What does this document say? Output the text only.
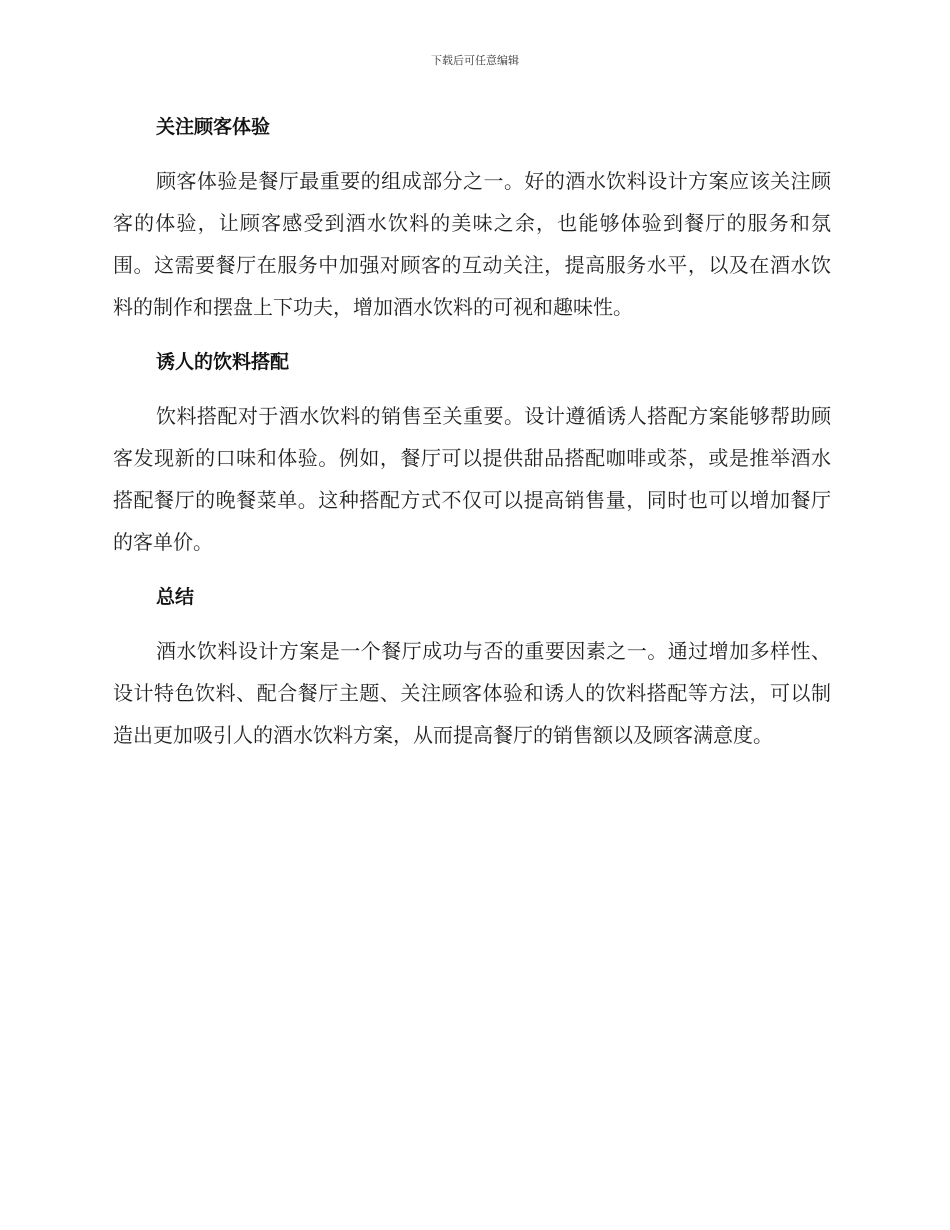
下载后可任意编辑
关注顾客体验

顾客体验是餐厅最重要的组成部分之一。好的酒水饮料设计方案应该关注顾客的体验，让顾客感受到酒水饮料的美味之余，也能够体验到餐厅的服务和氛围。这需要餐厅在服务中加强对顾客的互动关注，提高服务水平，以及在酒水饮料的制作和摆盘上下功夫，增加酒水饮料的可视和趣味性。

诱人的饮料搭配

饮料搭配对于酒水饮料的销售至关重要。设计遵循诱人搭配方案能够帮助顾客发现新的口味和体验。例如，餐厅可以提供甜品搭配咖啡或茶，或是推举酒水搭配餐厅的晚餐菜单。这种搭配方式不仅可以提高销售量，同时也可以增加餐厅的客单价。

总结

酒水饮料设计方案是一个餐厅成功与否的重要因素之一。通过增加多样性、设计特色饮料、配合餐厅主题、关注顾客体验和诱人的饮料搭配等方法，可以制造出更加吸引人的酒水饮料方案，从而提高餐厅的销售额以及顾客满意度。
